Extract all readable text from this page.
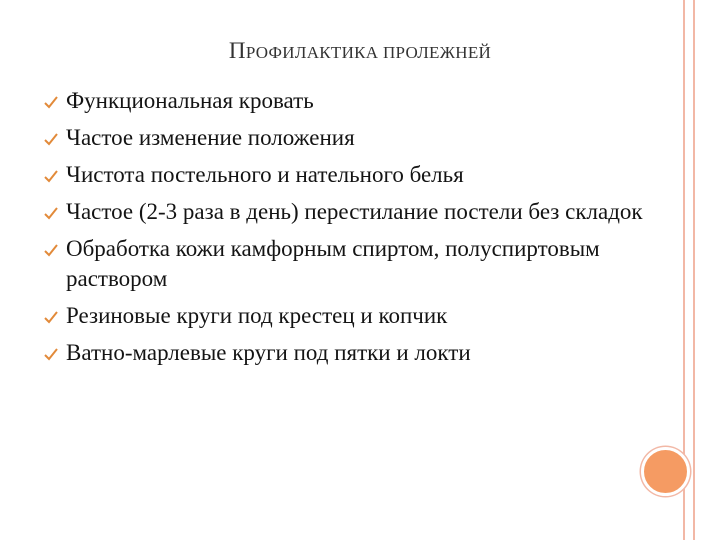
ПРОФИЛАКТИКА ПРОЛЕЖНЕЙ
Функциональная кровать
Частое изменение положения
Чистота постельного и нательного белья
Частое (2-3 раза в день) перестилание постели без складок
Обработка кожи камфорным спиртом, полуспиртовым раствором
Резиновые круги под крестец и копчик
Ватно-марлевые круги под пятки и локти
